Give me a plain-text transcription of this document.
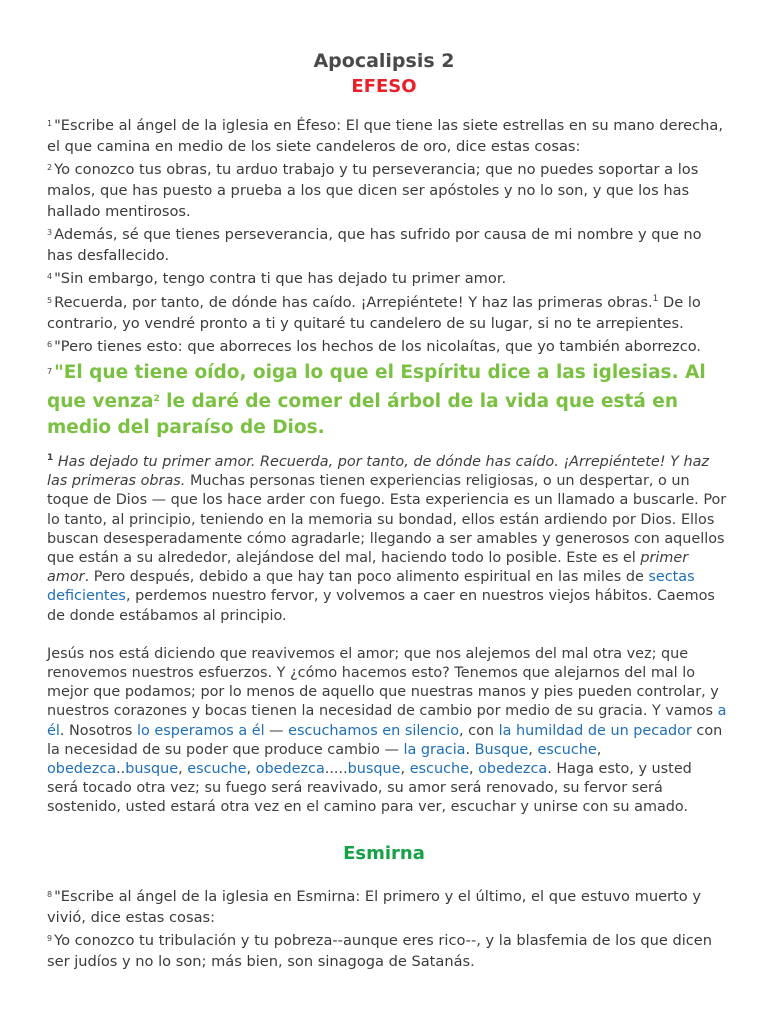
Apocalipsis 2
EFESO

$^1$ "Escribe al ángel de la iglesia en Éfeso: El que tiene las siete estrellas en su mano derecha, el que camina en medio de los siete candeleros de oro, dice estas cosas:

$^2$ Yo conozco tus obras, tu arduo trabajo y tu perseverancia; que no puedes soportar a los malos, que has puesto a prueba a los que dicen ser apóstoles y no lo son, y que los has hallado mentirosos.

$^3$ Además, sé que tienes perseverancia, que has sufrido por causa de mi nombre y que no has desfallecido.

$^4$ "Sin embargo, tengo contra ti que has dejado tu primer amor.

$^5$ Recuerda, por tanto, de dónde has caído. ¡Arrepiéntete! Y haz las primeras obras.$^1$ De lo contrario, yo vendré pronto a ti y quitaré tu candelero de su lugar, si no te arrepientes.

$^6$ "Pero tienes esto: que aborreces los hechos de los nicolaítas, que yo también aborrezco.

$^7$ "El que tiene oído, oiga lo que el Espíritu dice a las iglesias. Al que venza$^2$ le daré de comer del árbol de la vida que está en medio del paraíso de Dios.

$^1$ Has dejado tu primer amor. Recuerda, por tanto, de dónde has caído. ¡Arrepiéntete! Y haz las primeras obras. Muchas personas tienen experiencias religiosas, o un despertar, o un toque de Dios — que los hace arder con fuego. Esta experiencia es un llamado a buscarle. Por lo tanto, al principio, teniendo en la memoria su bondad, ellos están ardiendo por Dios. Ellos buscan desesperadamente cómo agradarle; llegando a ser amables y generosos con aquellos que están a su alrededor, alejándose del mal, haciendo todo lo posible. Este es el primer amor. Pero después, debido a que hay tan poco alimento espiritual en las miles de sectas deficientes, perdemos nuestro fervor, y volvemos a caer en nuestros viejos hábitos. Caemos de donde estábamos al principio.

Jesús nos está diciendo que reavivemos el amor; que nos alejemos del mal otra vez; que renovemos nuestros esfuerzos. Y ¿cómo hacemos esto? Tenemos que alejarnos del mal lo mejor que podamos; por lo menos de aquello que nuestras manos y pies pueden controlar, y nuestros corazones y bocas tienen la necesidad de cambio por medio de su gracia. Y vamos a él. Nosotros lo esperamos a él — escuchamos en silencio, con la humildad de un pecador con la necesidad de su poder que produce cambio — la gracia. Busque, escuche, obedezca..busque, escuche, obedezca.....busque, escuche, obedezca. Haga esto, y usted será tocado otra vez; su fuego será reavivado, su amor será renovado, su fervor será sostenido, usted estará otra vez en el camino para ver, escuchar y unirse con su amado.

Esmirna

$^8$ "Escribe al ángel de la iglesia en Esmirna: El primero y el último, el que estuvo muerto y vivió, dice estas cosas:

$^9$ Yo conozco tu tribulación y tu pobreza--aunque eres rico--, y la blasfemia de los que dicen ser judíos y no lo son; más bien, son sinagoga de Satanás.
